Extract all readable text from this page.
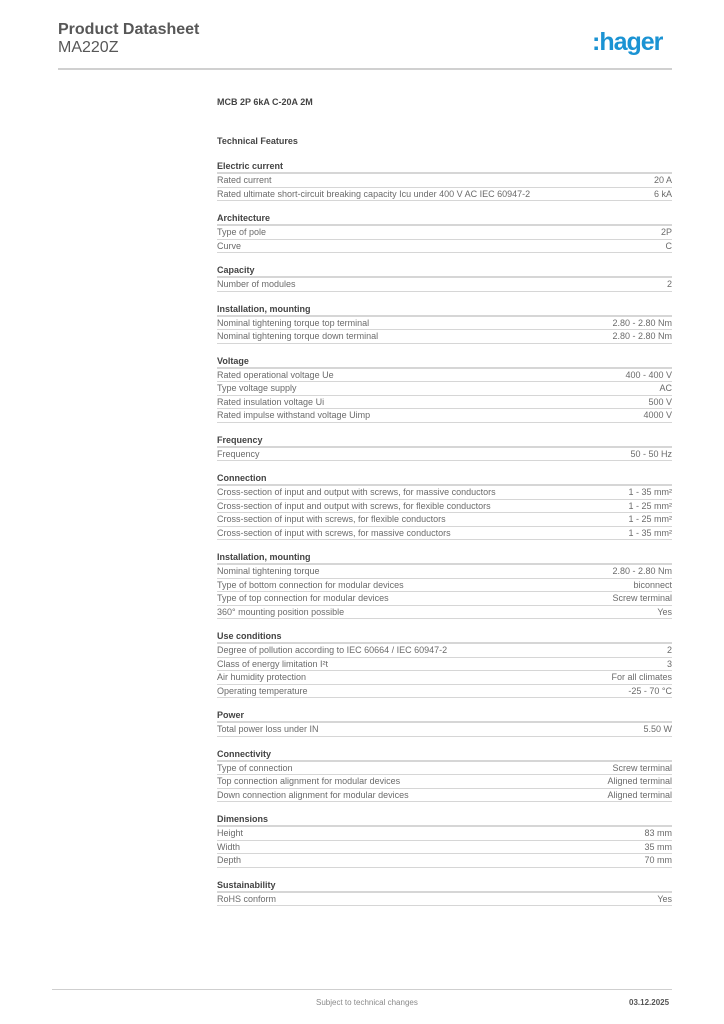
Product Datasheet
MA220Z	:hager
MCB 2P 6kA C-20A 2M
Technical Features
Electric current
Rated current	20 A
Rated ultimate short-circuit breaking capacity Icu under 400 V AC IEC 60947-2	6 kA
Architecture
Type of pole	2P
Curve	C
Capacity
Number of modules	2
Installation, mounting
Nominal tightening torque top terminal	2.80 - 2.80 Nm
Nominal tightening torque down terminal	2.80 - 2.80 Nm
Voltage
Rated operational voltage Ue	400 - 400 V
Type voltage supply	AC
Rated insulation voltage Ui	500 V
Rated impulse withstand voltage Uimp	4000 V
Frequency
Frequency	50 - 50 Hz
Connection
Cross-section of input and output with screws, for massive conductors	1 - 35 mm²
Cross-section of input and output with screws, for flexible conductors	1 - 25 mm²
Cross-section of input with screws, for flexible conductors	1 - 25 mm²
Cross-section of input with screws, for massive conductors	1 - 35 mm²
Installation, mounting
Nominal tightening torque	2.80 - 2.80 Nm
Type of bottom connection for modular devices	biconnect
Type of top connection for modular devices	Screw terminal
360° mounting position possible	Yes
Use conditions
Degree of pollution according to IEC 60664 / IEC 60947-2	2
Class of energy limitation I²t	3
Air humidity protection	For all climates
Operating temperature	-25 - 70 °C
Power
Total power loss under IN	5.50 W
Connectivity
Type of connection	Screw terminal
Top connection alignment for modular devices	Aligned terminal
Down connection alignment for modular devices	Aligned terminal
Dimensions
Height	83 mm
Width	35 mm
Depth	70 mm
Sustainability
RoHS conform	Yes
Subject to technical changes	03.12.2025
